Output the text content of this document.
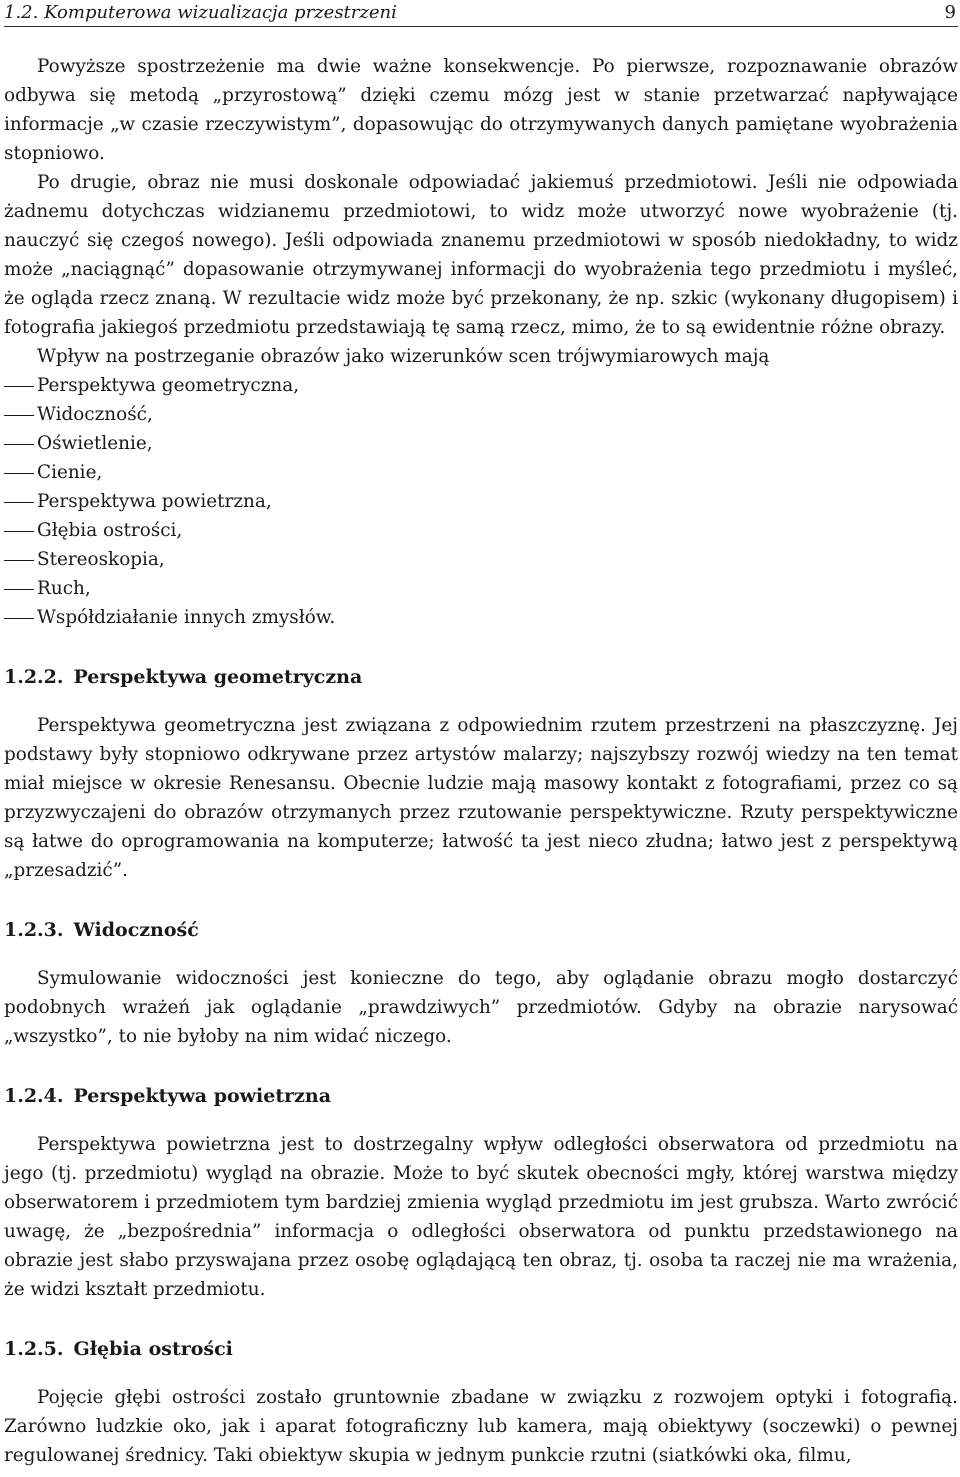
1.2. Komputerowa wizualizacja przestrzeni	9

Powyższe spostrzeżenie ma dwie ważne konsekwencje. Po pierwsze, rozpoznawanie obrazów odbywa się metodą „przyrostową” dzięki czemu mózg jest w stanie przetwarzać napływające informacje „w czasie rzeczywistym”, dopasowując do otrzymywanych danych pamiętane wyobrażenia stopniowo.

Po drugie, obraz nie musi doskonale odpowiadać jakiemuś przedmiotowi. Jeśli nie odpowiada żadnemu dotychczas widzianemu przedmiotowi, to widz może utworzyć nowe wyobrażenie (tj. nauczyć się czegoś nowego). Jeśli odpowiada znanemu przedmiotowi w sposób niedokładny, to widz może „naciągnąć” dopasowanie otrzymywanej informacji do wyobrażenia tego przedmiotu i myśleć, że ogląda rzecz znaną. W rezultacie widz może być przekonany, że np. szkic (wykonany długopisem) i fotografia jakiegoś przedmiotu przedstawiają tę samą rzecz, mimo, że to są ewidentnie różne obrazy.

Wpływ na postrzeganie obrazów jako wizerunków scen trójwymiarowych mają

Perspektywa geometryczna,
Widoczność,
Oświetlenie,
Cienie,
Perspektywa powietrzna,
Głębia ostrości,
Stereoskopia,
Ruch,
Współdziałanie innych zmysłów.
1.2.2. Perspektywa geometryczna

Perspektywa geometryczna jest związana z odpowiednim rzutem przestrzeni na płaszczyznę. Jej podstawy były stopniowo odkrywane przez artystów malarzy; najszybszy rozwój wiedzy na ten temat miał miejsce w okresie Renesansu. Obecnie ludzie mają masowy kontakt z fotografiami, przez co są przyzwyczajeni do obrazów otrzymanych przez rzutowanie perspektywiczne. Rzuty perspektywiczne są łatwe do oprogramowania na komputerze; łatwość ta jest nieco złudna; łatwo jest z perspektywą „przesadzić”.

1.2.3. Widoczność

Symulowanie widoczności jest konieczne do tego, aby oglądanie obrazu mogło dostarczyć podobnych wrażeń jak oglądanie „prawdziwych” przedmiotów. Gdyby na obrazie narysować „wszystko”, to nie byłoby na nim widać niczego.

1.2.4. Perspektywa powietrzna

Perspektywa powietrzna jest to dostrzegalny wpływ odległości obserwatora od przedmiotu na jego (tj. przedmiotu) wygląd na obrazie. Może to być skutek obecności mgły, której warstwa między obserwatorem i przedmiotem tym bardziej zmienia wygląd przedmiotu im jest grubsza. Warto zwrócić uwagę, że „bezpośrednia” informacja o odległości obserwatora od punktu przedstawionego na obrazie jest słabo przyswajana przez osobę oglądającą ten obraz, tj. osoba ta raczej nie ma wrażenia, że widzi kształt przedmiotu.

1.2.5. Głębia ostrości

Pojęcie głębi ostrości zostało gruntownie zbadane w związku z rozwojem optyki i fotografią. Zarówno ludzkie oko, jak i aparat fotograficzny lub kamera, mają obiektywy (soczewki) o pewnej regulowanej średnicy. Taki obiektyw skupia w jednym punkcie rzutni (siatkówki oka, filmu,
